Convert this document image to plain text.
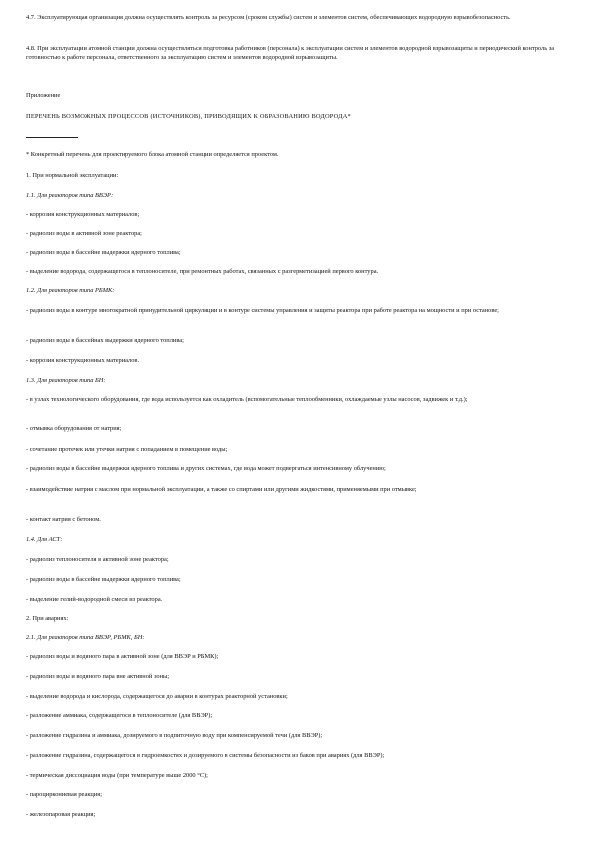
4.7. Эксплуатирующая организация должна осуществлять контроль за ресурсом (сроком службы) систем и элементов систем, обеспечивающих водородную взрывобезопасность.

4.8. При эксплуатации атомной станции должна осуществляться подготовка работников (персонала) к эксплуатации систем и элементов водородной взрывозащиты и периодический контроль за готовностью к работе персонала, ответственного за эксплуатацию систем и элементов водородной взрывозащиты.

Приложение

ПЕРЕЧЕНЬ ВОЗМОЖНЫХ ПРОЦЕССОВ (ИСТОЧНИКОВ), ПРИВОДЯЩИХ К ОБРАЗОВАНИЮ ВОДОРОДА*

* Конкретный перечень для проектируемого блока атомной станции определяется проектом.

1. При нормальной эксплуатации:

1.1. Для реакторов типа ВВЭР:

- коррозия конструкционных материалов;

- радиолиз воды в активной зоне реактора;

- радиолиз воды в бассейне выдержки ядерного топлива;

- выделение водорода, содержащегося в теплоносителе, при ремонтных работах, связанных с разгерметизацией первого контура.

1.2. Для реакторов типа РБМК:

- радиолиз воды в контуре многократной принудительной циркуляции и в контуре системы управления и защиты реактора при работе реактора на мощности и при останове;

- радиолиз воды в бассейнах выдержки ядерного топлива;

- коррозия конструкционных материалов.

1.3. Для реакторов типа БН:

- в узлах технологического оборудования, где вода используется как охладитель (вспомогательные теплообменники, охлаждаемые узлы насосов, задвижек и т.д.);

- отмывка оборудования от натрия;

- сочетание протечек или утечки натрия с попаданием в помещение воды;

- радиолиз воды в бассейне выдержки ядерного топлива и других системах, где вода может подвергаться интенсивному облучению;

- взаимодействие натрия с маслом при нормальной эксплуатации, а также со спиртами или другими жидкостями, применяемыми при отмывке;

- контакт натрия с бетоном.

1.4. Для АСТ:

- радиолиз теплоносителя в активной зоне реактора;

- радиолиз воды в бассейне выдержки ядерного топлива;

- выделение гелий-водородной смеси из реактора.

2. При авариях:

2.1. Для реакторов типа ВВЭР, РБМК, БН:

- радиолиз воды и водяного пара в активной зоне (для ВВЭР и РБМК);

- радиолиз воды и водяного пара вне активной зоны;

- выделение водорода и кислорода, содержащегося до аварии в контурах реакторной установки;

- разложение аммиака, содержащегося в теплоносителе (для ВВЭР);

- разложение гидразина и аммиака, дозируемого в подпиточную воду при компенсируемой течи (для ВВЭР);

- разложение гидразина, содержащегося в гидроемкостях и дозируемого в системы безопасности из баков при авариях (для ВВЭР);

- термическая диссоциация воды (при температуре выше 2000 °С);

- пароциркониевая реакция;

- железопаровая реакция;
